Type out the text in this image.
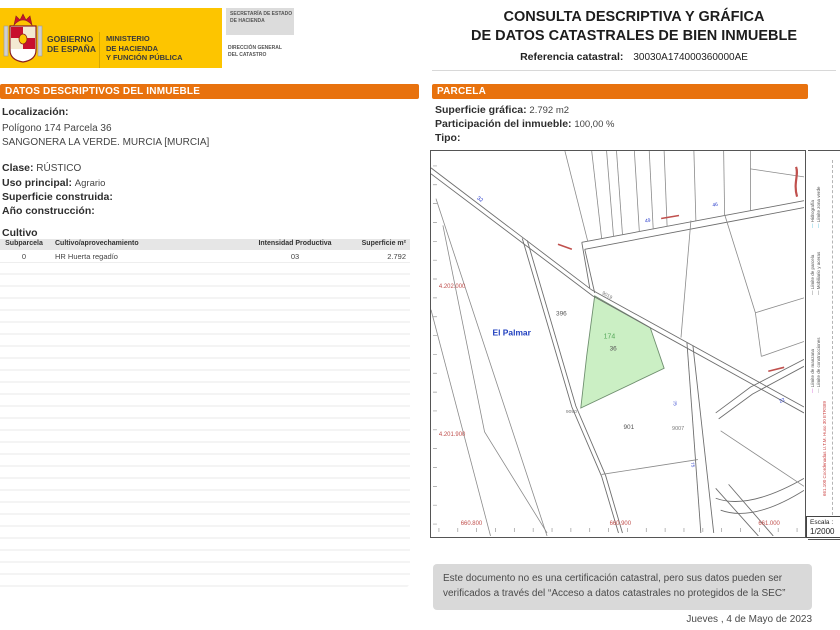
GOBIERNO
DE ESPAÑA
MINISTERIO
DE HACIENDA
Y FUNCIÓN PÚBLICA
SECRETARÍA DE ESTADO
DE HACIENDA
DIRECCIÓN GENERAL
DEL CATASTRO
CONSULTA DESCRIPTIVA Y GRÁFICA
DE DATOS CATASTRALES DE BIEN INMUEBLE
Referencia catastral: 30030A174000360000AE
DATOS DESCRIPTIVOS DEL INMUEBLE	PARCELA
Localización:
Polígono 174 Parcela 36
SANGONERA LA VERDE. MURCIA [MURCIA]
Clase: RÚSTICO
Uso principal: Agrario
Superficie construida:
Año construcción:
Cultivo
Subparcela	Cultivo/aprovechamiento	Intensidad Productiva	Superficie m²
0	HR Huerta regadío	03	2.792
Superficie gráfica: 2.792 m2
Participación del inmueble: 100,00 %
Tipo:
El Palmar
396
9019
174
36
9090
901	9007
32
49
46
22
75
75
4.202.000
4.201.900
660.800	660.900	661.000
— Hidrografía — Límite zona verde
— Límite de parcela — Mobiliario y aceras
— Límite de manzana — Límite de construcciones
661.100 Coordenadas U.T.M. Huso 30 ETRS89
Escala :
1/2000
Este documento no es una certificación catastral, pero sus datos pueden ser verificados a través del “Acceso a datos catastrales no protegidos de la SEC”
Jueves , 4 de Mayo de 2023
